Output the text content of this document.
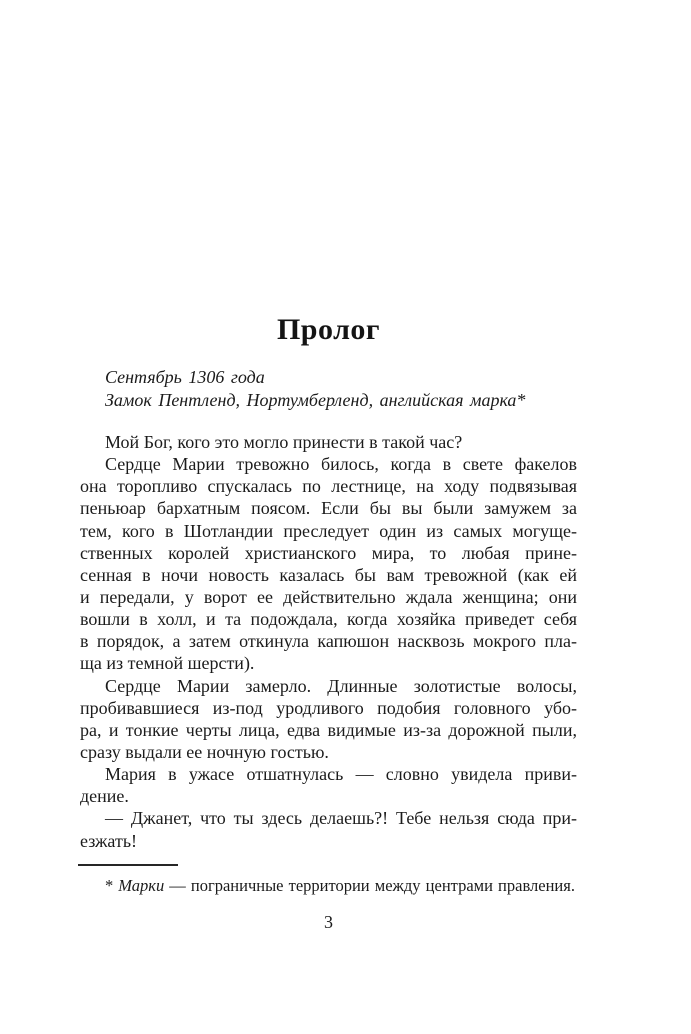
Пролог
Сентябрь 1306 года
Замок Пентленд, Нортумберленд, английская марка*
Мой Бог, кого это могло принести в такой час?
Сердце Марии тревожно билось, когда в свете факелов
она торопливо спускалась по лестнице, на ходу подвязывая
пеньюар бархатным поясом. Если бы вы были замужем за
тем, кого в Шотландии преследует один из самых могуще-
ственных королей христианского мира, то любая прине-
сенная в ночи новость казалась бы вам тревожной (как ей
и передали, у ворот ее действительно ждала женщина; они
вошли в холл, и та подождала, когда хозяйка приведет себя
в порядок, а затем откинула капюшон насквозь мокрого пла-
ща из темной шерсти).
Сердце Марии замерло. Длинные золотистые волосы,
пробивавшиеся из-под уродливого подобия головного убо-
ра, и тонкие черты лица, едва видимые из-за дорожной пыли,
сразу выдали ее ночную гостью.
Мария в ужасе отшатнулась — словно увидела приви-
дение.
— Джанет, что ты здесь делаешь?! Тебе нельзя сюда при-
езжать!
* Марки — пограничные территории между центрами правления.
3
